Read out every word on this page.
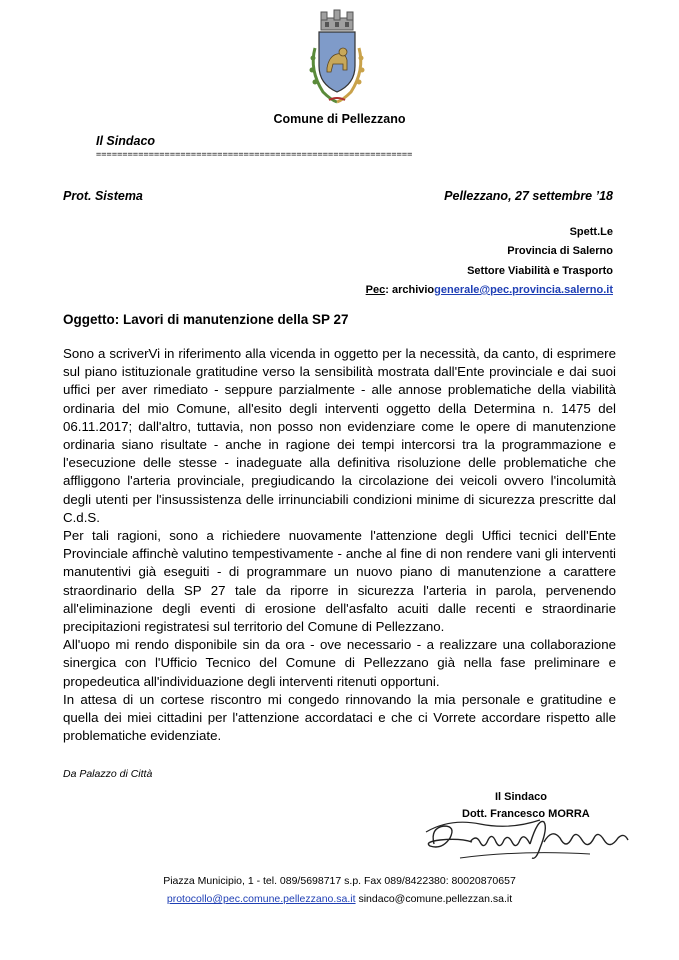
Comune di Pellezzano
Il Sindaco
============================================================
Prot. Sistema	Pellezzano, 27 settembre ’18
Spett.Le
Provincia di Salerno
Settore Viabilità e Trasporto
Pec: archiviogenerale@pec.provincia.salerno.it
Oggetto: Lavori di manutenzione della SP 27

Sono a scriverVi in riferimento alla vicenda in oggetto per la necessità, da canto, di esprimere sul piano istituzionale gratitudine verso la sensibilità mostrata dall'Ente provinciale e dai suoi uffici per aver rimediato - seppure parzialmente - alle annose problematiche della viabilità ordinaria del mio Comune, all'esito degli interventi oggetto della Determina n. 1475 del 06.11.2017; dall'altro, tuttavia, non posso non evidenziare come le opere di manutenzione ordinaria siano risultate - anche in ragione dei tempi intercorsi tra la programmazione e l'esecuzione delle stesse - inadeguate alla definitiva risoluzione delle problematiche che affliggono l'arteria provinciale, pregiudicando la circolazione dei veicoli ovvero l'incolumità degli utenti per l'insussistenza delle irrinunciabili condizioni minime di sicurezza prescritte dal C.d.S.

Per tali ragioni, sono a richiedere nuovamente l'attenzione degli Uffici tecnici dell'Ente Provinciale affinchè valutino tempestivamente - anche al fine di non rendere vani gli interventi manutentivi già eseguiti - di programmare un nuovo piano di manutenzione a carattere straordinario della SP 27 tale da riporre in sicurezza l'arteria in parola, pervenendo all'eliminazione degli eventi di erosione dell'asfalto acuiti dalle recenti e straordinarie precipitazioni registratesi sul territorio del Comune di Pellezzano.

All'uopo mi rendo disponibile sin da ora - ove necessario - a realizzare una collaborazione sinergica con l'Ufficio Tecnico del Comune di Pellezzano già nella fase preliminare e propedeutica all'individuazione degli interventi ritenuti opportuni.

In attesa di un cortese riscontro mi congedo rinnovando la mia personale e gratitudine e quella dei miei cittadini per l'attenzione accordataci e che ci Vorrete accordare rispetto alle problematiche evidenziate.

Da Palazzo di Città
Il Sindaco
Dott. Francesco MORRA
Piazza Municipio, 1 - tel. 089/5698717 s.p. Fax 089/8422380: 80020870657
protocollo@pec.comune.pellezzano.sa.it sindaco@comune.pellezzan.sa.it
